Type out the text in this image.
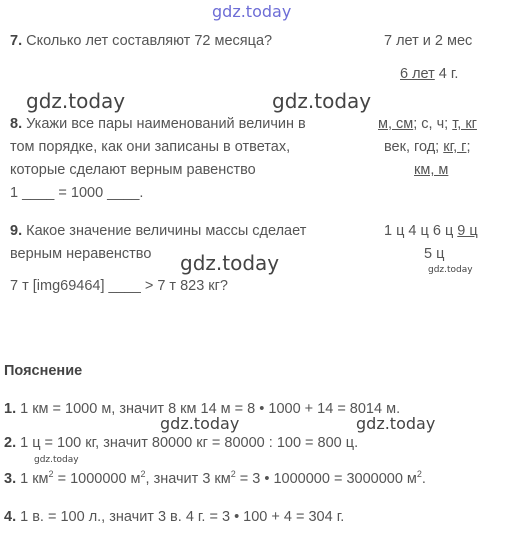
gdz.today
7. Сколько лет составляют 72 месяца?	7 лет и 2 мес
6 лет 4 г.
gdz.today	gdz.today
8. Укажи все пары наименований величин в
том порядке, как они записаны в ответах,
которые сделают верным равенство
1 ____ = 1000 ____.
м, см; с, ч; т, кг
век, год; кг, г;
км, м
9. Какое значение величины массы сделает
верным неравенство gdz.today
7 т [img69464] ____ > 7 т 823 кг?
1 ц 4 ц 6 ц 9 ц
5 ц
gdz.today
Пояснение
1. 1 км = 1000 м, значит 8 км 14 м = 8 • 1000 + 14 = 8014 м.
gdz.today	gdz.today
2. 1 ц = 100 кг, значит 80000 кг = 80000 : 100 = 800 ц.
gdz.today
3. 1 $км^2 = 1000000$ $м^2$, значит 3 $км^2 = 3$ • 1000000 = 3000000 $м^2$.
4. 1 в. = 100 л., значит 3 в. 4 г. = 3 • 100 + 4 = 304 г.
